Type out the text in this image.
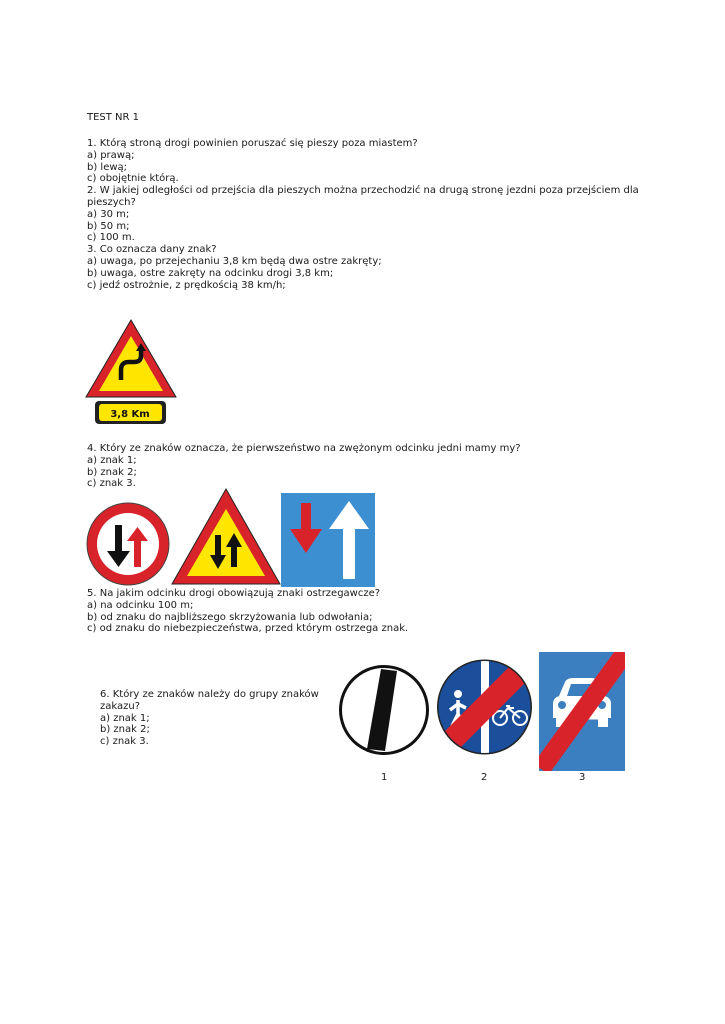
TEST NR 1
1. Którą stroną drogi powinien poruszać się pieszy poza miastem?
a) prawą;
b) lewą;
c) obojętnie którą.
2. W jakiej odległości od przejścia dla pieszych można przechodzić na drugą stronę jezdni poza przejściem dla
pieszych?
a) 30 m;
b) 50 m;
c) 100 m.
3. Co oznacza dany znak?
a) uwaga, po przejechaniu 3,8 km będą dwa ostre zakręty;
b) uwaga, ostre zakręty na odcinku drogi 3,8 km;
c) jedź ostrożnie, z prędkością 38 km/h;
3,8 Km
4. Który ze znaków oznacza, że pierwszeństwo na zwężonym odcinku jedni mamy my?
a) znak 1;
b) znak 2;
c) znak 3.
5. Na jakim odcinku drogi obowiązują znaki ostrzegawcze?
a) na odcinku 100 m;
b) od znaku do najbliższego skrzyżowania lub odwołania;
c) od znaku do niebezpieczeństwa, przed którym ostrzega znak.
6. Który ze znaków należy do grupy znaków
zakazu?
a) znak 1;
b) znak 2;
c) znak 3.
1	2	3
